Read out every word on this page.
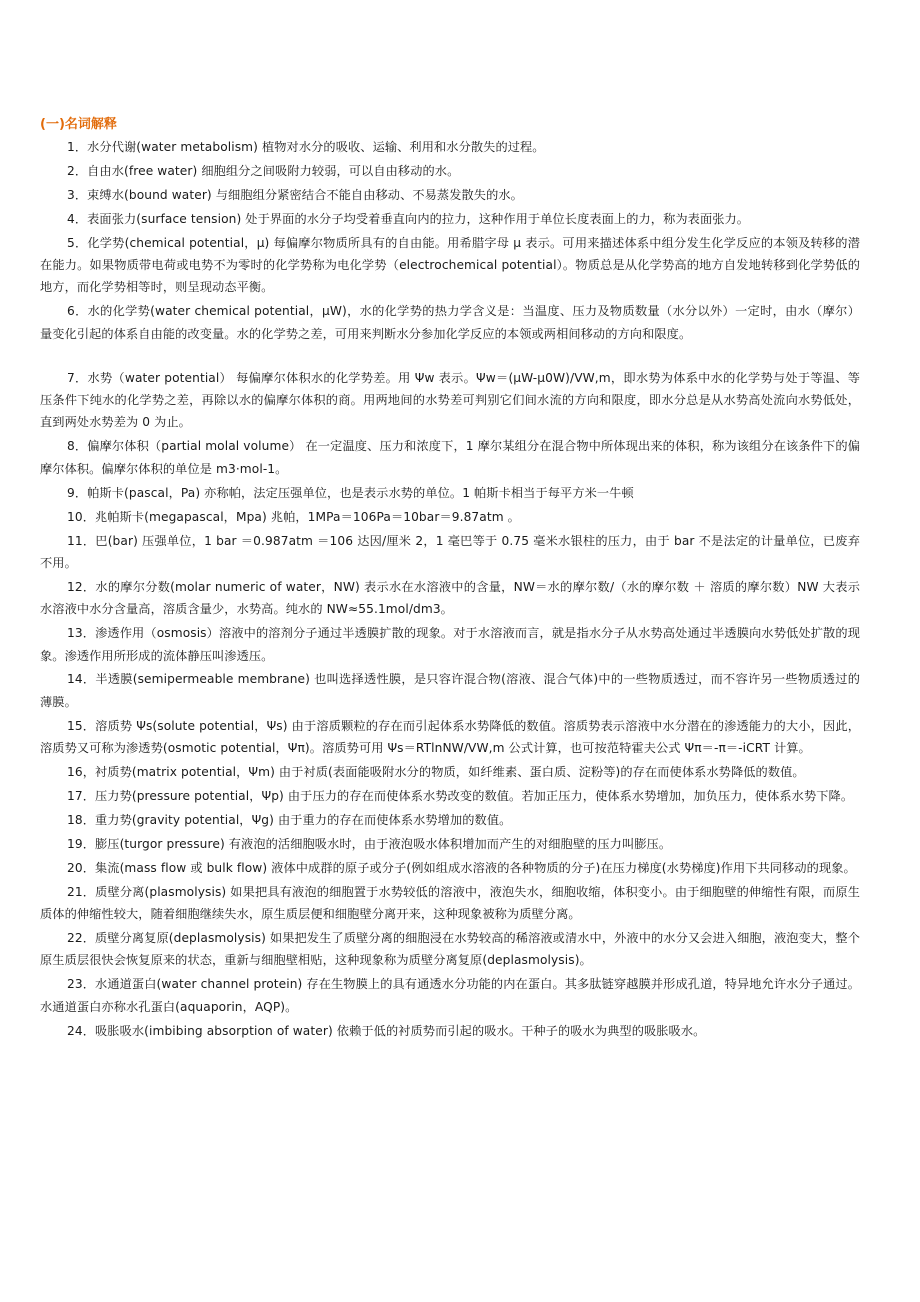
(一)名词解释

1．水分代谢(water metabolism) 植物对水分的吸收、运输、利用和水分散失的过程。

2．自由水(free water) 细胞组分之间吸附力较弱，可以自由移动的水。

3．束缚水(bound water) 与细胞组分紧密结合不能自由移动、不易蒸发散失的水。

4．表面张力(surface tension) 处于界面的水分子均受着垂直向内的拉力，这种作用于单位长度表面上的力，称为表面张力。

5．化学势(chemical potential，μ) 每偏摩尔物质所具有的自由能。用希腊字母 μ 表示。可用来描述体系中组分发生化学反应的本领及转移的潜在能力。如果物质带电荷或电势不为零时的化学势称为电化学势（electrochemical potential）。物质总是从化学势高的地方自发地转移到化学势低的地方，而化学势相等时，则呈现动态平衡。

6．水的化学势(water chemical potential，μW)，水的化学势的热力学含义是：当温度、压力及物质数量（水分以外）一定时，由水（摩尔）量变化引起的体系自由能的改变量。水的化学势之差，可用来判断水分参加化学反应的本领或两相间移动的方向和限度。

7．水势（water potential） 每偏摩尔体积水的化学势差。用 Ψw 表示。Ψw＝(μW-μ0W)/VW,m，即水势为体系中水的化学势与处于等温、等压条件下纯水的化学势之差，再除以水的偏摩尔体积的商。用两地间的水势差可判别它们间水流的方向和限度，即水分总是从水势高处流向水势低处，直到两处水势差为 0 为止。

8．偏摩尔体积（partial molal volume） 在一定温度、压力和浓度下，1 摩尔某组分在混合物中所体现出来的体积，称为该组分在该条件下的偏摩尔体积。偏摩尔体积的单位是 m3·mol-1。

9．帕斯卡(pascal，Pa) 亦称帕，法定压强单位，也是表示水势的单位。1 帕斯卡相当于每平方米一牛顿

10．兆帕斯卡(megapascal，Mpa) 兆帕，1MPa＝106Pa＝10bar＝9.87atm 。

11．巴(bar) 压强单位，1 bar ＝0.987atm ＝106 达因/厘米 2，1 毫巴等于 0.75 毫米水银柱的压力，由于 bar 不是法定的计量单位，已废弃不用。

12．水的摩尔分数(molar numeric of water，NW) 表示水在水溶液中的含量，NW＝水的摩尔数/（水的摩尔数 ＋ 溶质的摩尔数）NW 大表示水溶液中水分含量高，溶质含量少，水势高。纯水的 NW≈55.1mol/dm3。

13．渗透作用（osmosis）溶液中的溶剂分子通过半透膜扩散的现象。对于水溶液而言，就是指水分子从水势高处通过半透膜向水势低处扩散的现象。渗透作用所形成的流体静压叫渗透压。

14．半透膜(semipermeable membrane) 也叫选择透性膜，是只容许混合物(溶液、混合气体)中的一些物质透过，而不容许另一些物质透过的薄膜。

15．溶质势 Ψs(solute potential，Ψs) 由于溶质颗粒的存在而引起体系水势降低的数值。溶质势表示溶液中水分潜在的渗透能力的大小，因此，溶质势又可称为渗透势(osmotic potential，Ψπ)。溶质势可用 Ψs＝RTlnNW/VW,m 公式计算，也可按范特霍夫公式 Ψπ＝-π＝-iCRT 计算。

16，衬质势(matrix potential，Ψm) 由于衬质(表面能吸附水分的物质，如纤维素、蛋白质、淀粉等)的存在而使体系水势降低的数值。

17．压力势(pressure potential，Ψp) 由于压力的存在而使体系水势改变的数值。若加正压力，使体系水势增加，加负压力，使体系水势下降。

18．重力势(gravity potential，Ψg) 由于重力的存在而使体系水势增加的数值。

19．膨压(turgor pressure) 有液泡的活细胞吸水时，由于液泡吸水体积增加而产生的对细胞壁的压力叫膨压。

20．集流(mass flow 或 bulk flow) 液体中成群的原子或分子(例如组成水溶液的各种物质的分子)在压力梯度(水势梯度)作用下共同移动的现象。

21．质壁分离(plasmolysis) 如果把具有液泡的细胞置于水势较低的溶液中，液泡失水，细胞收缩，体积变小。由于细胞壁的伸缩性有限，而原生质体的伸缩性较大，随着细胞继续失水，原生质层便和细胞壁分离开来，这种现象被称为质壁分离。

22．质壁分离复原(deplasmolysis) 如果把发生了质壁分离的细胞浸在水势较高的稀溶液或清水中，外液中的水分又会进入细胞，液泡变大，整个原生质层很快会恢复原来的状态，重新与细胞壁相贴，这种现象称为质壁分离复原(deplasmolysis)。

23．水通道蛋白(water channel protein) 存在生物膜上的具有通透水分功能的内在蛋白。其多肽链穿越膜并形成孔道，特异地允许水分子通过。水通道蛋白亦称水孔蛋白(aquaporin，AQP)。

24．吸胀吸水(imbibing absorption of water) 依赖于低的衬质势而引起的吸水。干种子的吸水为典型的吸胀吸水。
